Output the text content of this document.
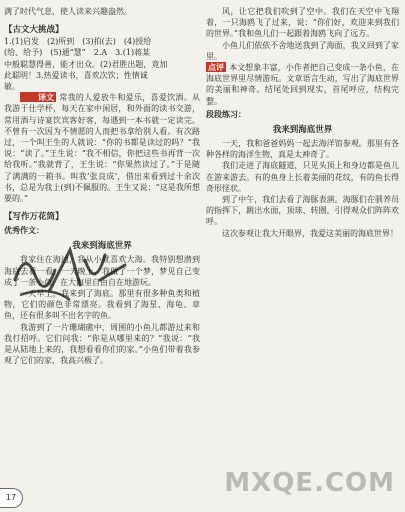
满了时代气息，使人读来兴趣盎然。

【古文大挑战】

1.(1)启发　(2)所到　(3)拍(去)　(4)授给

(给、给予)　(5)通“慧”　2.A　3.(1)蒋某

中般聪慧得善，能才出众。(2)君胜出题，竟加

此聪明！3.热爱读书，喜欢次饮；性情诚

敏。

译文 常我的人爱放牛和爱乐，喜爱饮酒。从我游于仕学杯，每天在家中闲居，和外面的读书交游，常用酒与诗宴饮宾客好客，每遇到一本书就一定读完。不曾有一次因为不情愿的人而把书拿给别人看。有次路过，一个叫王生的人就说：“你的书都是读过的吗？”我说：“读了。”王生说：“我不相信，你把这些书再背一次给我听。”我就背了，王生说：“你果然读过了。”于是随了满满的一箱书。叫我‘张良成’，借出来看到过十余次书，总是为我上(到)不佩服的。王生又说：“这是我所想要的。”

【写作万花筒】

优秀作文：

我来到海底世界

我家住在海边，我从小就喜欢大海。我特别想潜到海底去看一看。一天晚上，我做了一个梦，梦见自己变成了一条小鱼，在大海里自由自在地游玩。

一天早上，我来到了海底。那里有很多种鱼类和植物，它们的颜色非常漂亮。我看到了海星、海龟、章鱼，还有很多叫不出名字的鱼。

我游到了一片珊瑚礁中，周围的小鱼儿都游过来和我打招呼。它们问我：“你是从哪里来的？”我说：“我是从陆地上来的，我想看看你们的家。”小鱼们带着我参观了它们的家，我高兴极了。

风，让它把我们吹到了空中。我们在天空中飞翔着，一只海鸥飞了过来，说：“你们好，欢迎来到我们的世界。”我和鱼儿们一起跟着海鸥飞向了远方。

小鱼儿们依依不舍地送我到了海面，我又回到了家里。

点评 本文想象丰富，小作者把自己变成一条小鱼，在海底世界里尽情游玩。文章语言生动，写出了海底世界的美丽和神奇。结尾处回到现实，首尾呼应，结构完整。

段段练习：

我来到海底世界

一天，我和爸爸妈妈一起去海洋馆参观。那里有各种各样的海洋生物，真是太神奇了。

我们走进了海底隧道，只见头顶上和身边都是鱼儿在游来游去。有的鱼身上长着美丽的花纹，有的鱼长得奇形怪状。

到了中午，我们去看了海豚表演。海豚们在驯养员的指挥下，跳出水面，顶球、转圈，引得观众们阵阵欢呼。

这次参观让我大开眼界，我爱这美丽的海底世界！

17	MXQE.COM
